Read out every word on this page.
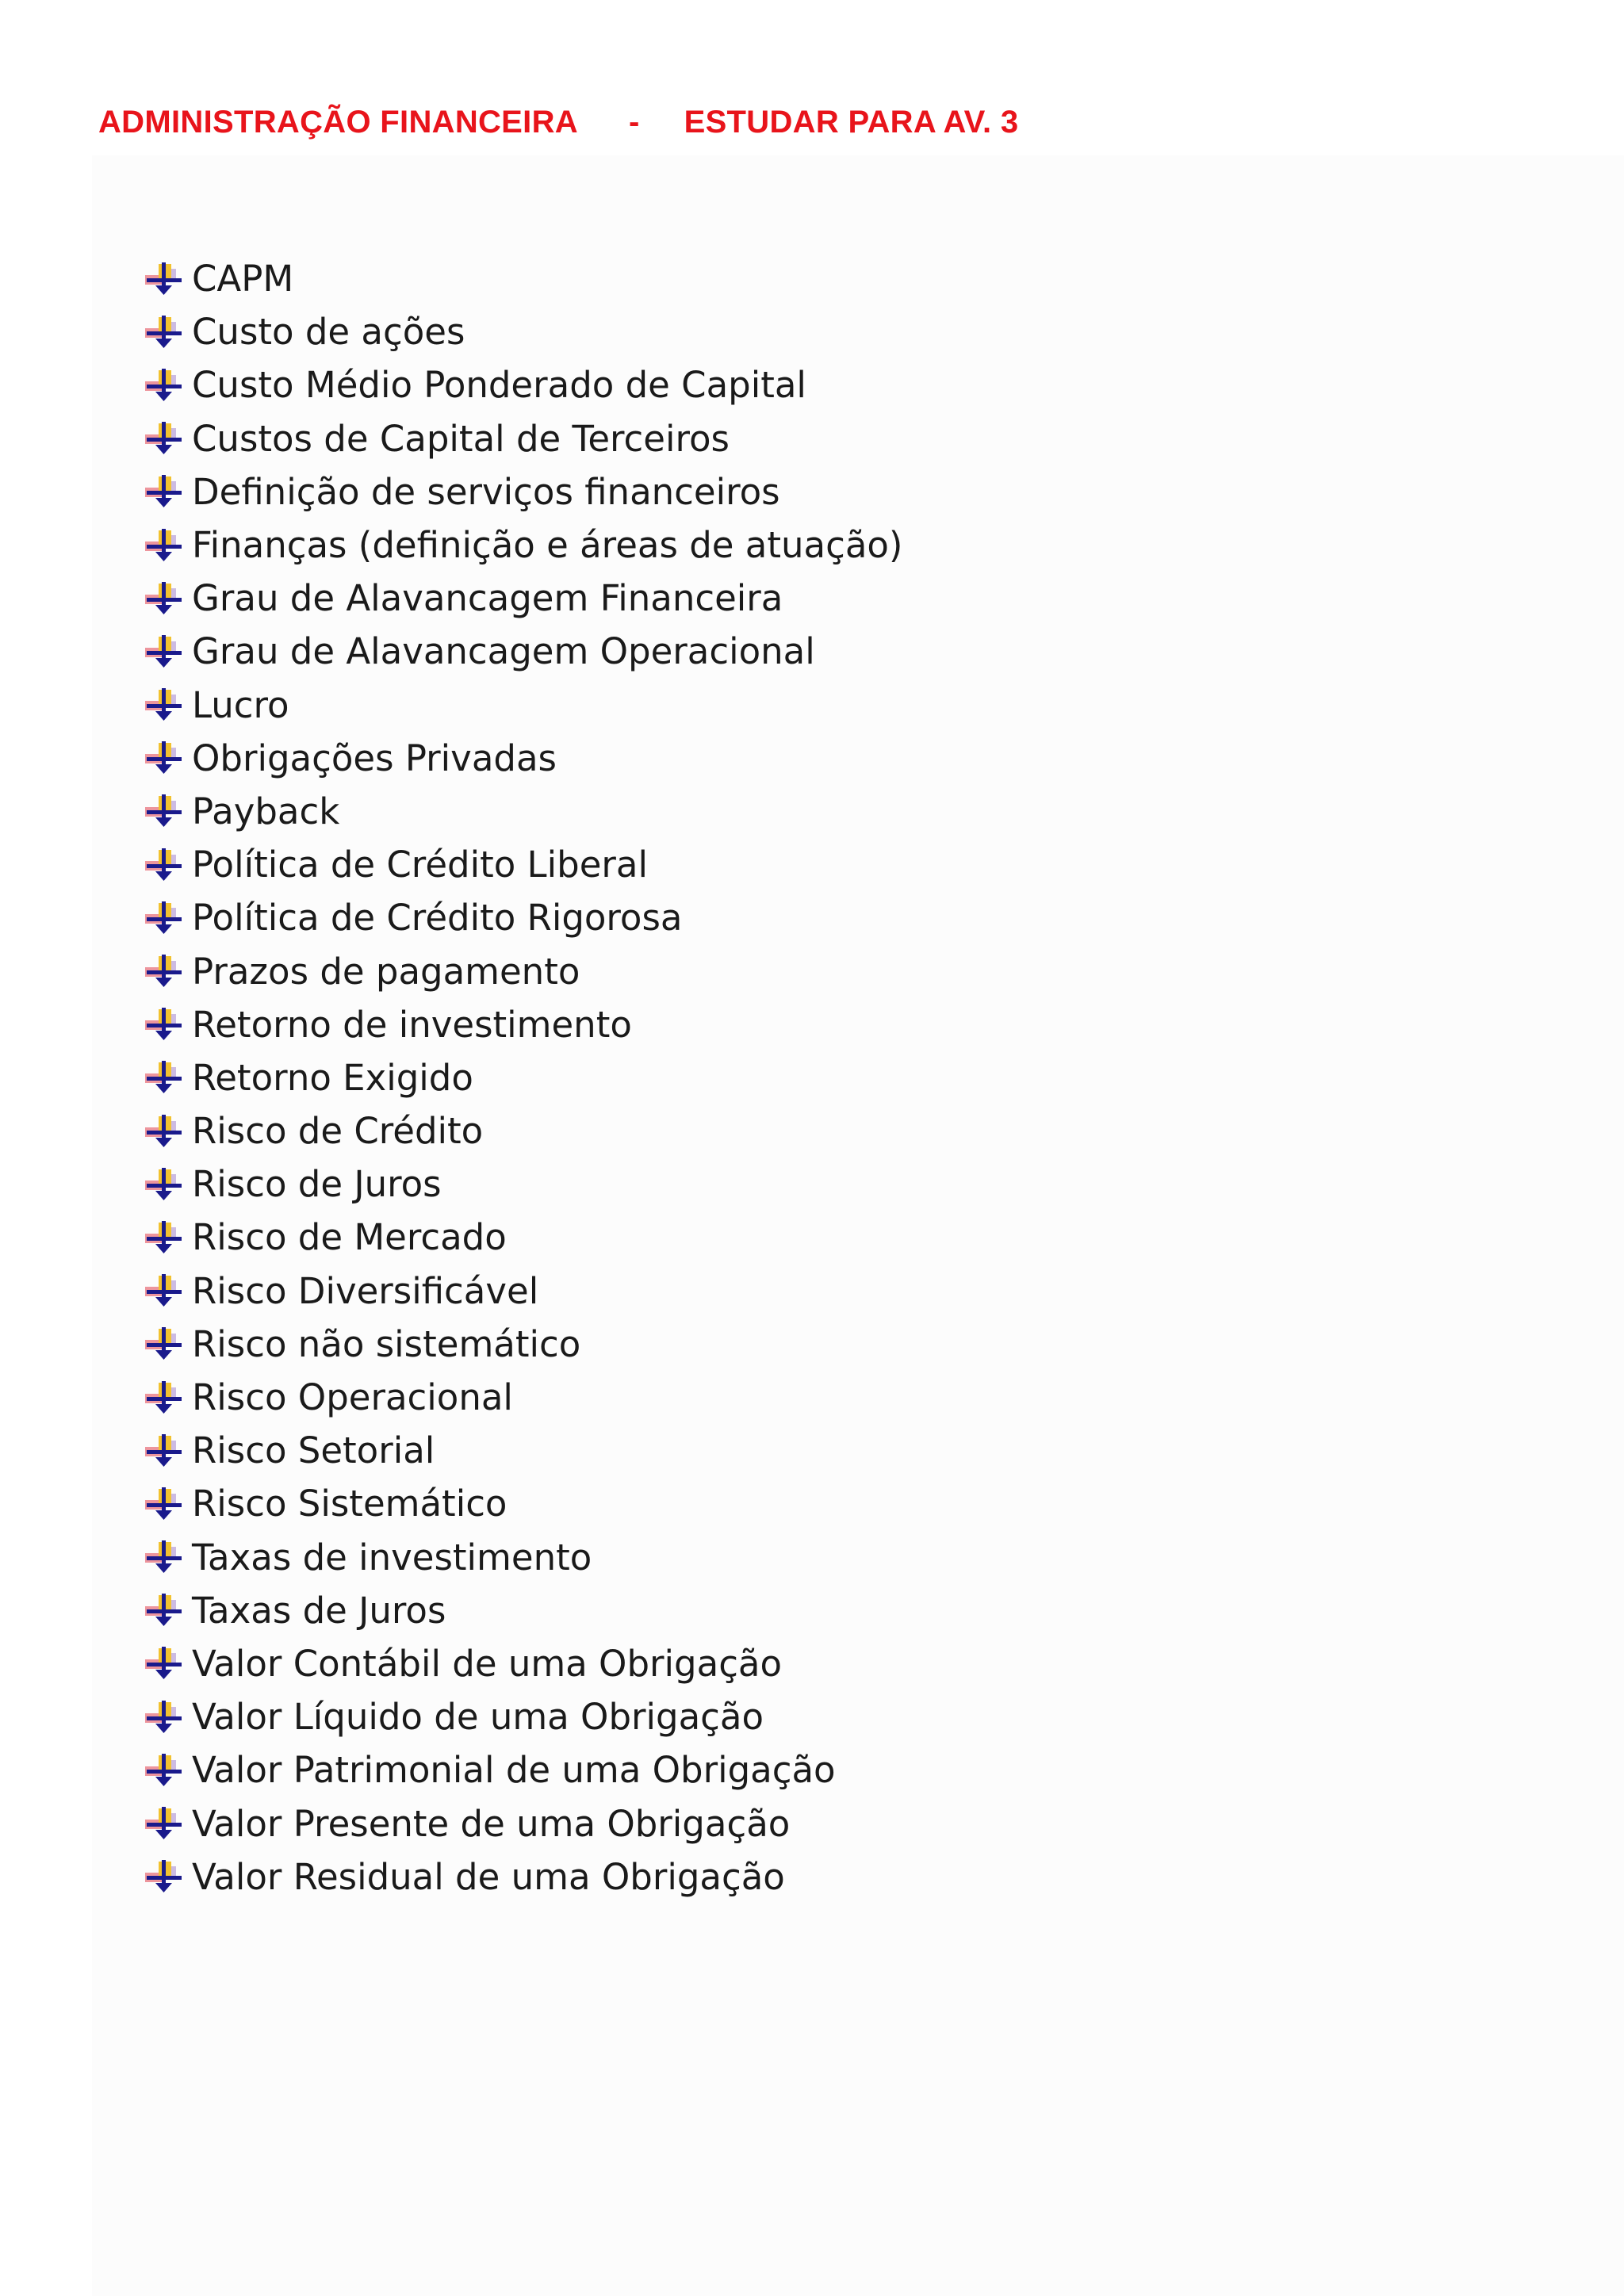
ADMINISTRAÇÃO FINANCEIRA - ESTUDAR PARA AV. 3
CAPM
Custo de ações
Custo Médio Ponderado de Capital
Custos de Capital de Terceiros
Definição de serviços financeiros
Finanças (definição e áreas de atuação)
Grau de Alavancagem Financeira
Grau de Alavancagem Operacional
Lucro
Obrigações Privadas
Payback
Política de Crédito Liberal
Política de Crédito Rigorosa
Prazos de pagamento
Retorno de investimento
Retorno Exigido
Risco de Crédito
Risco de Juros
Risco de Mercado
Risco Diversificável
Risco não sistemático
Risco Operacional
Risco Setorial
Risco Sistemático
Taxas de investimento
Taxas de Juros
Valor Contábil de uma Obrigação
Valor Líquido de uma Obrigação
Valor Patrimonial de uma Obrigação
Valor Presente de uma Obrigação
Valor Residual de uma Obrigação
